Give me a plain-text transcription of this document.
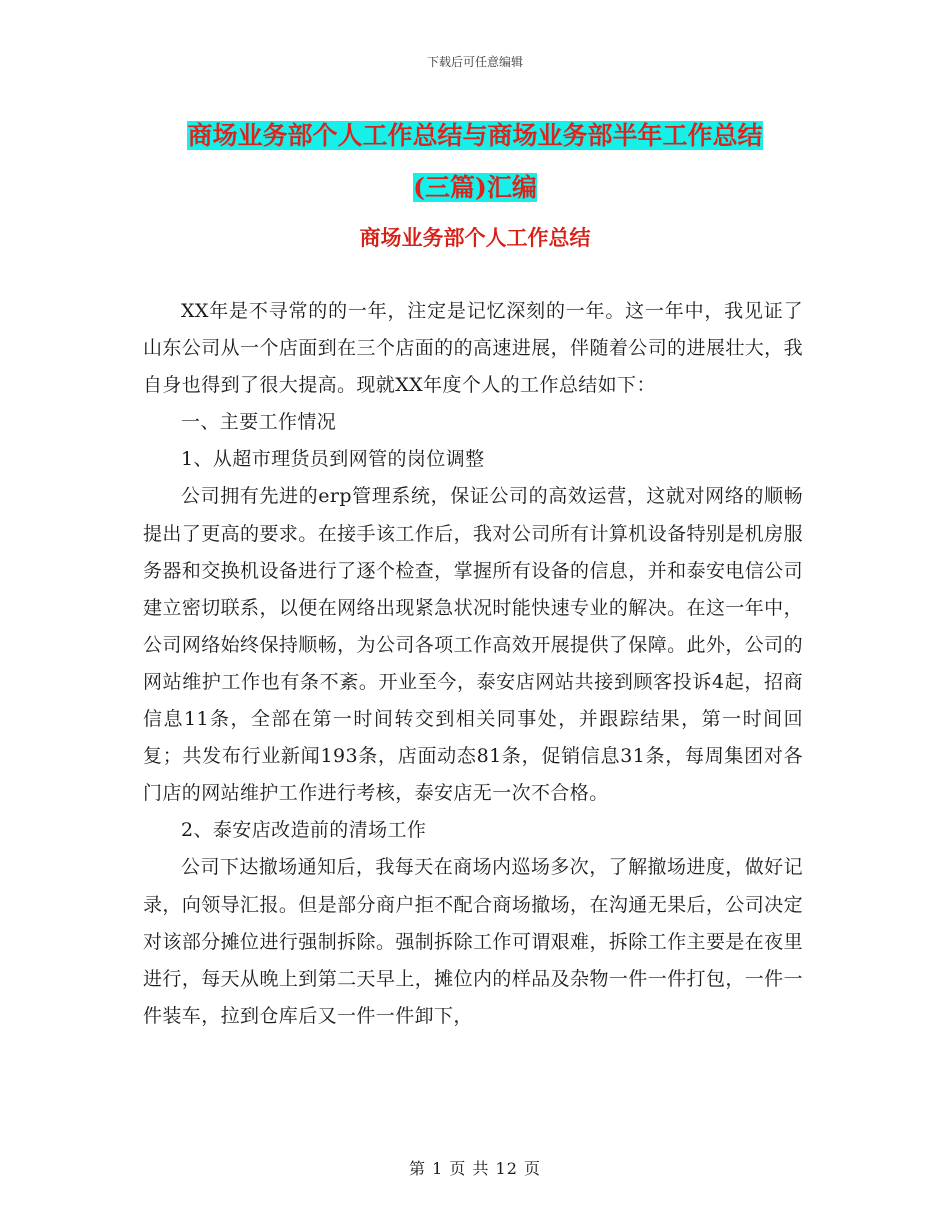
下载后可任意编辑
商场业务部个人工作总结与商场业务部半年工作总结
(三篇)汇编
商场业务部个人工作总结

XX年是不寻常的的一年，注定是记忆深刻的一年。这一年中，我见证了山东公司从一个店面到在三个店面的的高速进展，伴随着公司的进展壮大，我自身也得到了很大提高。现就XX年度个人的工作总结如下：

一、主要工作情况

1、从超市理货员到网管的岗位调整

公司拥有先进的erp管理系统，保证公司的高效运营，这就对网络的顺畅提出了更高的要求。在接手该工作后，我对公司所有计算机设备特别是机房服务器和交换机设备进行了逐个检查，掌握所有设备的信息，并和泰安电信公司建立密切联系，以便在网络出现紧急状况时能快速专业的解决。在这一年中，公司网络始终保持顺畅，为公司各项工作高效开展提供了保障。此外，公司的网站维护工作也有条不紊。开业至今，泰安店网站共接到顾客投诉4起，招商信息11条，全部在第一时间转交到相关同事处，并跟踪结果，第一时间回复；共发布行业新闻193条，店面动态81条，促销信息31条，每周集团对各门店的网站维护工作进行考核，泰安店无一次不合格。

2、泰安店改造前的清场工作

公司下达撤场通知后，我每天在商场内巡场多次，了解撤场进度，做好记录，向领导汇报。但是部分商户拒不配合商场撤场，在沟通无果后，公司决定对该部分摊位进行强制拆除。强制拆除工作可谓艰难，拆除工作主要是在夜里进行，每天从晚上到第二天早上，摊位内的样品及杂物一件一件打包，一件一件装车，拉到仓库后又一件一件卸下，

第 1 页 共 12 页
